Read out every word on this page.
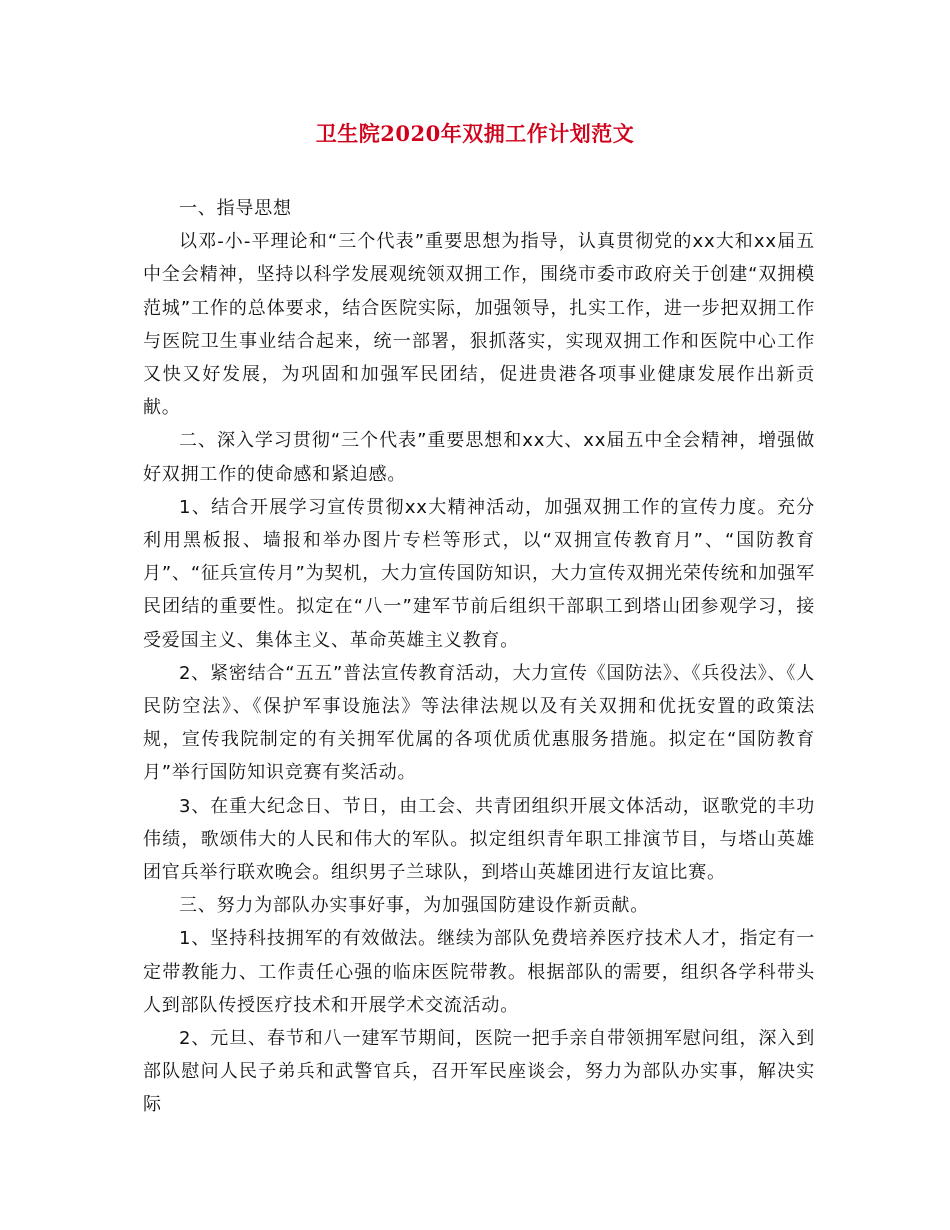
卫生院2020年双拥工作计划范文

一、指导思想

以邓-小-平理论和“三个代表”重要思想为指导，认真贯彻党的xx大和xx届五中全会精神，坚持以科学发展观统领双拥工作，围绕市委市政府关于创建“双拥模范城”工作的总体要求，结合医院实际，加强领导，扎实工作，进一步把双拥工作与医院卫生事业结合起来，统一部署，狠抓落实，实现双拥工作和医院中心工作又快又好发展，为巩固和加强军民团结，促进贵港各项事业健康发展作出新贡献。

二、深入学习贯彻“三个代表”重要思想和xx大、xx届五中全会精神，增强做好双拥工作的使命感和紧迫感。

1、结合开展学习宣传贯彻xx大精神活动，加强双拥工作的宣传力度。充分利用黑板报、墙报和举办图片专栏等形式，以“双拥宣传教育月”、“国防教育月”、“征兵宣传月”为契机，大力宣传国防知识，大力宣传双拥光荣传统和加强军民团结的重要性。拟定在“八一”建军节前后组织干部职工到塔山团参观学习，接受爱国主义、集体主义、革命英雄主义教育。

2、紧密结合“五五”普法宣传教育活动，大力宣传《国防法》、《兵役法》、《人民防空法》、《保护军事设施法》等法律法规以及有关双拥和优抚安置的政策法规，宣传我院制定的有关拥军优属的各项优质优惠服务措施。拟定在“国防教育月”举行国防知识竞赛有奖活动。

3、在重大纪念日、节日，由工会、共青团组织开展文体活动，讴歌党的丰功伟绩，歌颂伟大的人民和伟大的军队。拟定组织青年职工排演节目，与塔山英雄团官兵举行联欢晚会。组织男子兰球队，到塔山英雄团进行友谊比赛。

三、努力为部队办实事好事，为加强国防建设作新贡献。

1、坚持科技拥军的有效做法。继续为部队免费培养医疗技术人才，指定有一定带教能力、工作责任心强的临床医院带教。根据部队的需要，组织各学科带头人到部队传授医疗技术和开展学术交流活动。

2、元旦、春节和八一建军节期间，医院一把手亲自带领拥军慰问组，深入到部队慰问人民子弟兵和武警官兵，召开军民座谈会，努力为部队办实事，解决实际
